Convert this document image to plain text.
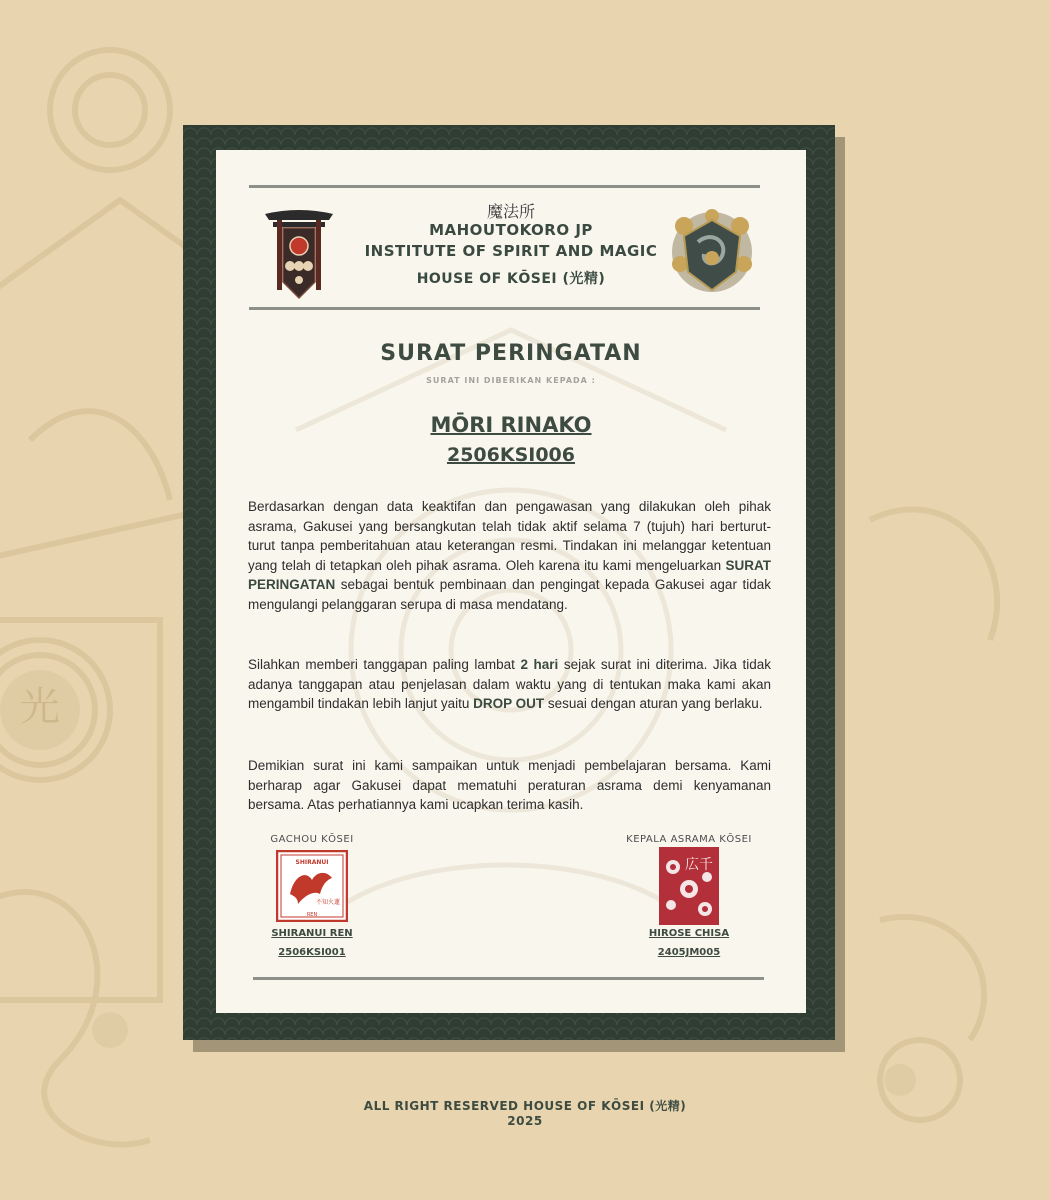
光
魔法所
MAHOUTOKORO JP
INSTITUTE OF SPIRIT AND MAGIC
HOUSE OF KŌSEI (光精)
SURAT PERINGATAN
SURAT INI DIBERIKAN KEPADA :
MŌRI RINAKO
2506KSI006
Berdasarkan dengan data keaktifan dan pengawasan yang dilakukan oleh pihak asrama, Gakusei yang bersangkutan telah tidak aktif selama 7 (tujuh) hari berturut-turut tanpa pemberitahuan atau keterangan resmi. Tindakan ini melanggar ketentuan yang telah di tetapkan oleh pihak asrama. Oleh karena itu kami mengeluarkan SURAT PERINGATAN sebagai bentuk pembinaan dan pengingat kepada Gakusei agar tidak mengulangi pelanggaran serupa di masa mendatang.
Silahkan memberi tanggapan paling lambat 2 hari sejak surat ini diterima. Jika tidak adanya tanggapan atau penjelasan dalam waktu yang di tentukan maka kami akan mengambil tindakan lebih lanjut yaitu DROP OUT sesuai dengan aturan yang berlaku.
Demikian surat ini kami sampaikan untuk menjadi pembelajaran bersama. Kami berharap agar Gakusei dapat mematuhi peraturan asrama demi kenyamanan bersama. Atas perhatiannya kami ucapkan terima kasih.
GACHOU KŌSEI
SHIRANUI
不知火蓮
REN
SHIRANUI REN
2506KSI001
KEPALA ASRAMA KŌSEI
広千
HIROSE CHISA
2405JM005
ALL RIGHT RESERVED HOUSE OF KŌSEI (光精)
2025
